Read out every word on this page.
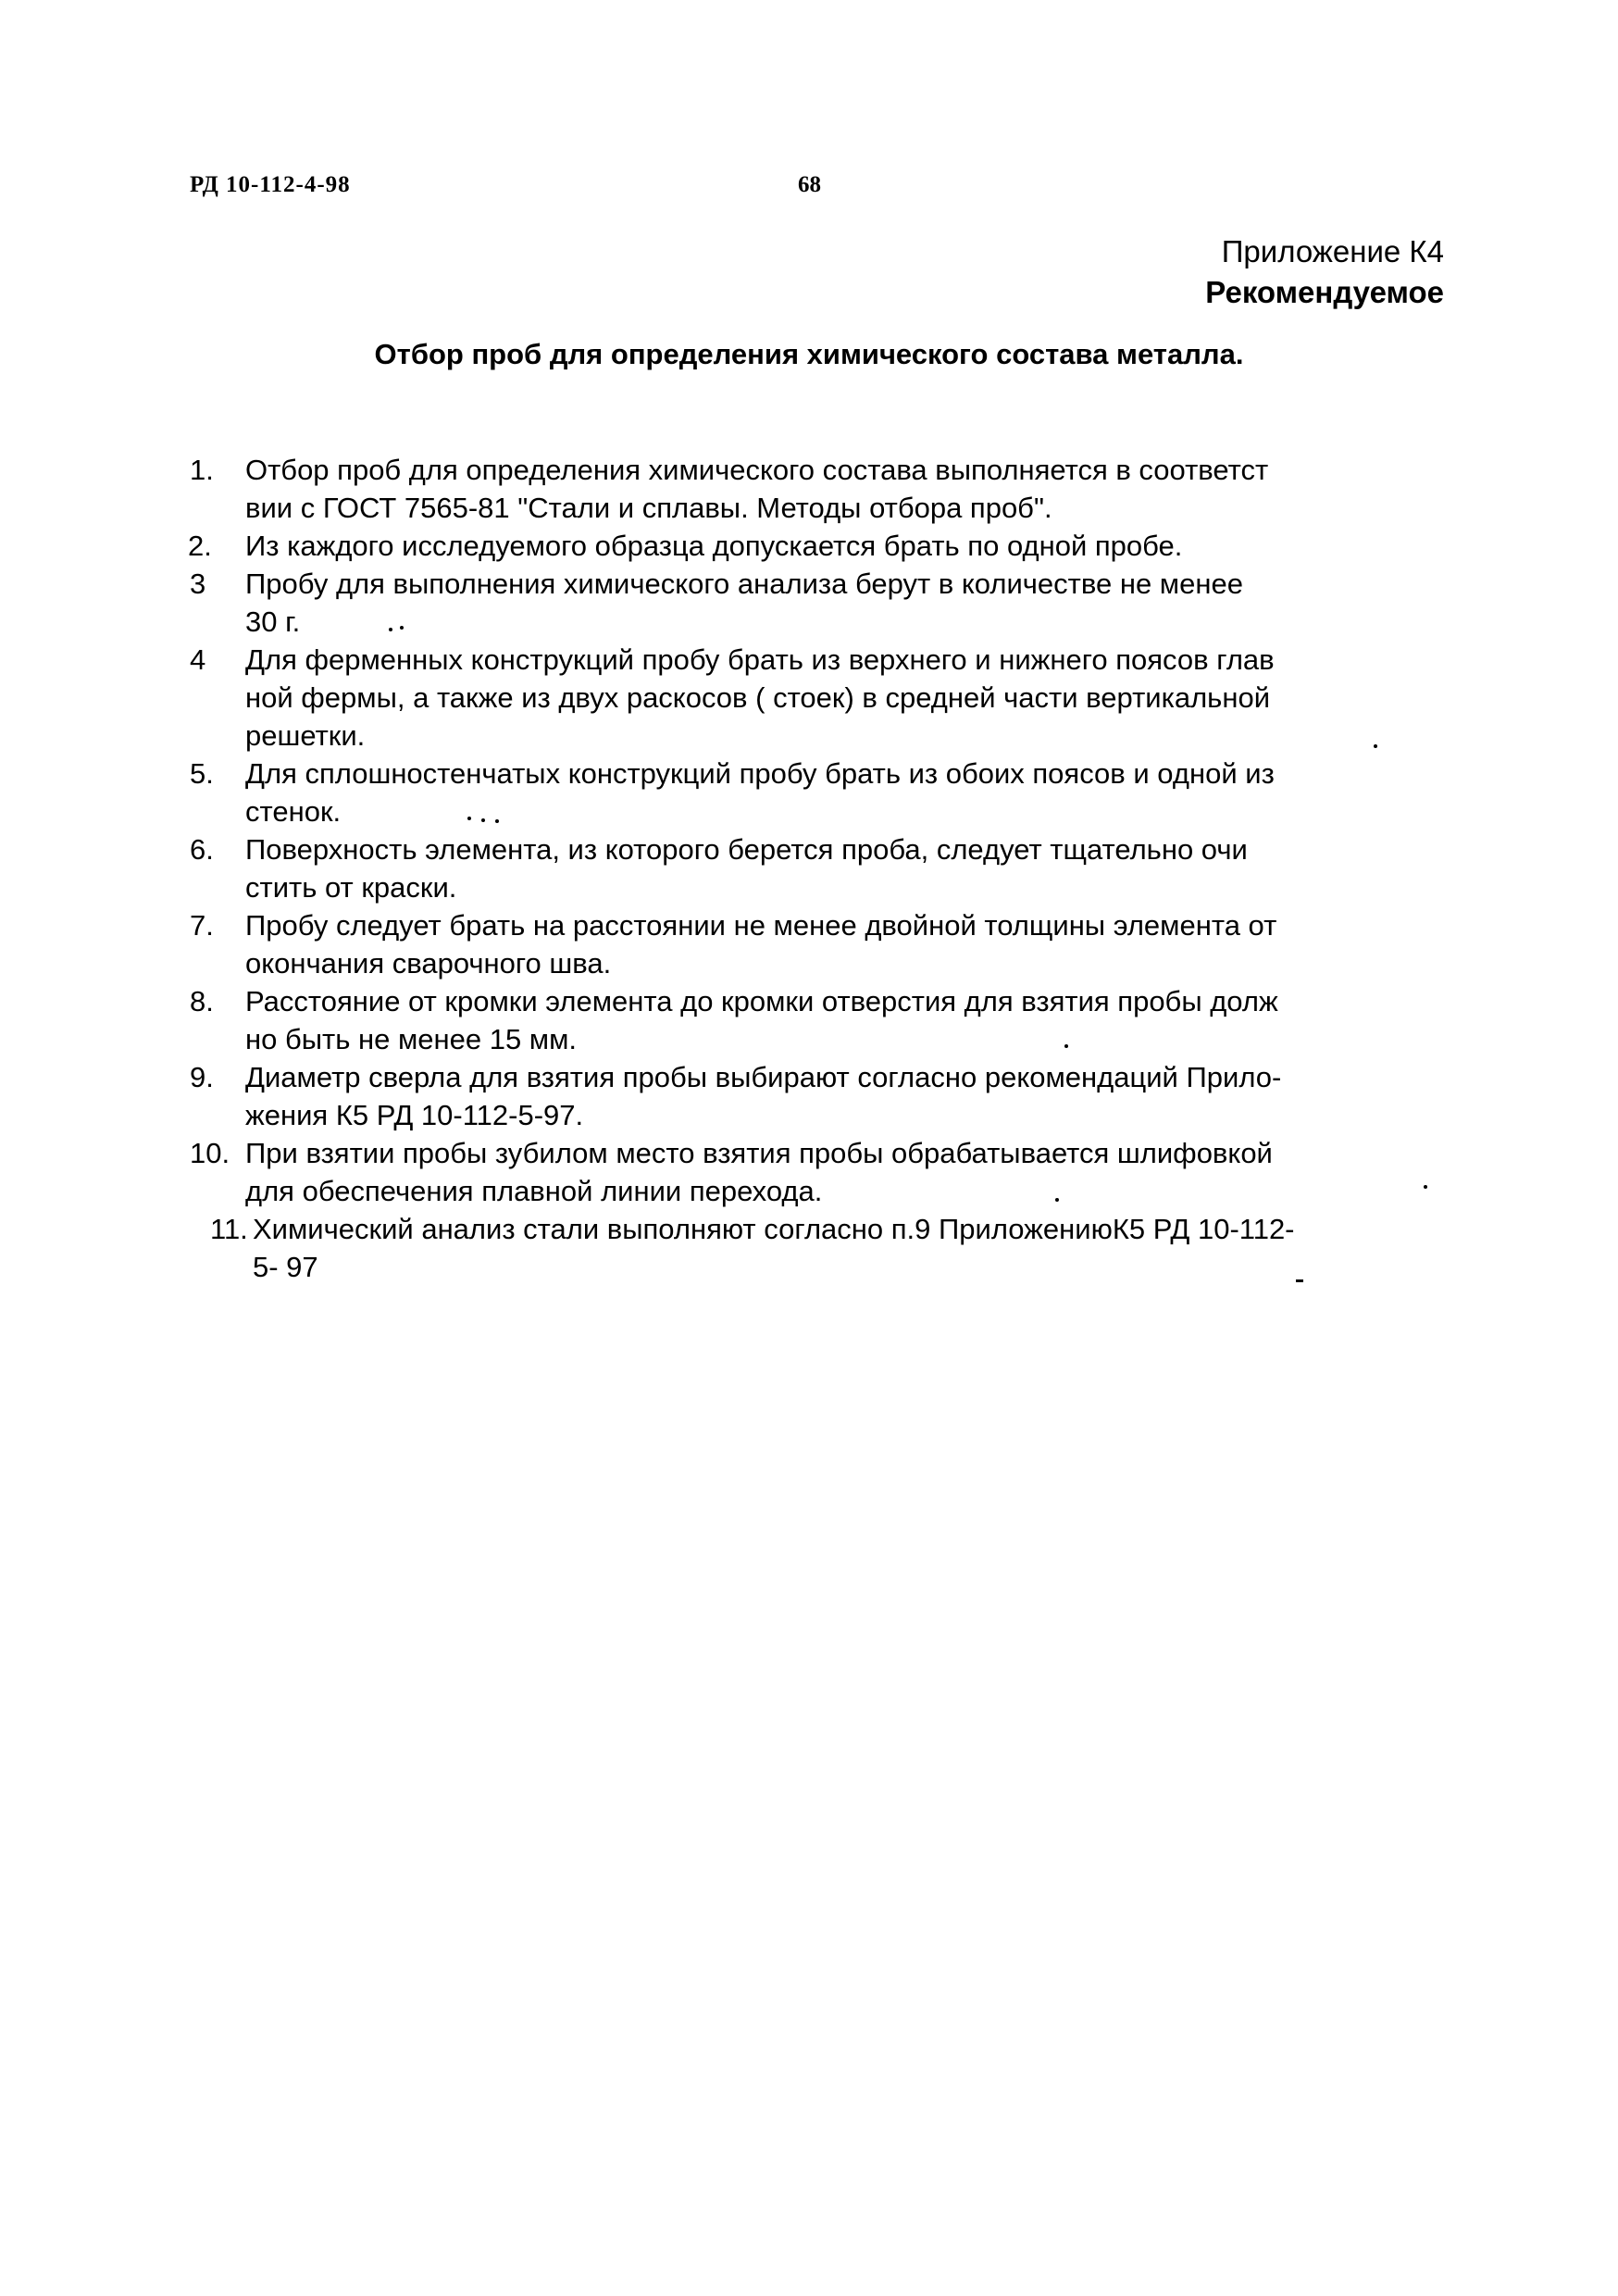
РД 10-112-4-98	68
Приложение К4
Рекомендуемое
Отбор проб для определения химического состава металла.
1. Отбор проб для определения химического состава выполняется в соответст
вии с ГОСТ 7565-81 "Стали и сплавы. Методы отбора проб".
2. Из каждого исследуемого образца допускается брать по одной пробе.
3 Пробу для выполнения химического анализа берут в количестве не менее
30 г.
4 Для ферменных конструкций пробу брать из верхнего и нижнего поясов глав
ной фермы, а также из двух раскосов ( стоек) в средней части вертикальной
решетки.
5. Для сплошностенчатых конструкций пробу брать из обоих поясов и одной из
стенок.
6. Поверхность элемента, из которого берется проба, следует тщательно очи
стить от краски.
7. Пробу следует брать на расстоянии не менее двойной толщины элемента от
окончания сварочного шва.
8. Расстояние от кромки элемента до кромки отверстия для взятия пробы долж
но быть не менее 15 мм.
9. Диаметр сверла для взятия пробы выбирают согласно рекомендаций Прило-
жения К5 РД 10-112-5-97.
10. При взятии пробы зубилом место взятия пробы обрабатывается шлифовкой
для обеспечения плавной линии перехода.
11. Химический анализ стали выполняют согласно п.9 ПриложениюК5 РД 10-112-
5- 97
